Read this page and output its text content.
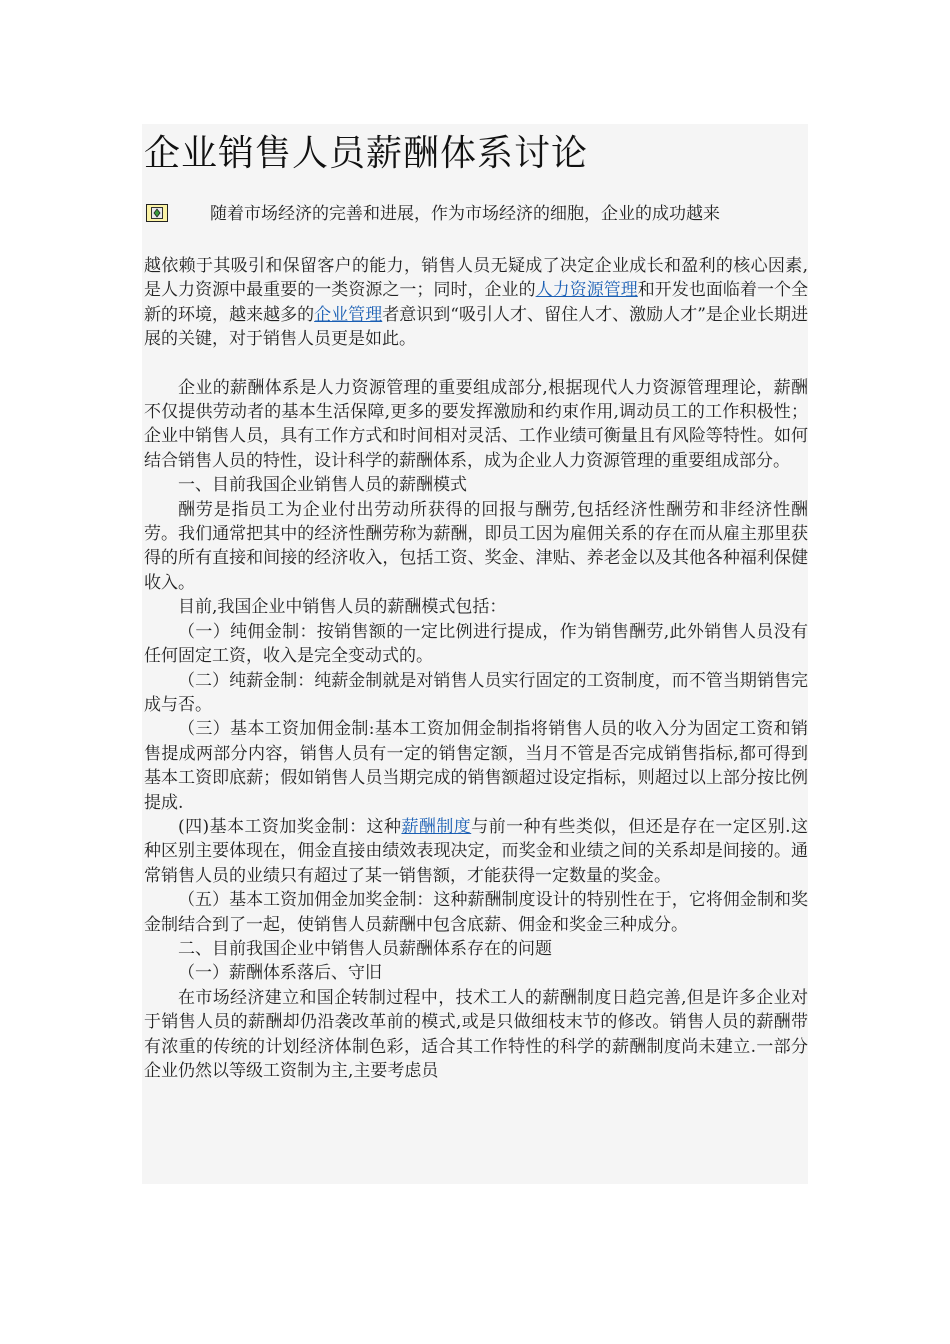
企业销售人员薪酬体系讨论
随着市场经济的完善和进展，作为市场经济的细胞，企业的成功越来

越依赖于其吸引和保留客户的能力，销售人员无疑成了决定企业成长和盈利的核心因素,是人力资源中最重要的一类资源之一；同时，企业的人力资源管理和开发也面临着一个全新的环境，越来越多的企业管理者意识到“吸引人才、留住人才、激励人才”是企业长期进展的关键，对于销售人员更是如此。

企业的薪酬体系是人力资源管理的重要组成部分,根据现代人力资源管理理论，薪酬不仅提供劳动者的基本生活保障,更多的要发挥激励和约束作用,调动员工的工作积极性；企业中销售人员，具有工作方式和时间相对灵活、工作业绩可衡量且有风险等特性。如何结合销售人员的特性，设计科学的薪酬体系，成为企业人力资源管理的重要组成部分。

一、目前我国企业销售人员的薪酬模式

酬劳是指员工为企业付出劳动所获得的回报与酬劳,包括经济性酬劳和非经济性酬劳。我们通常把其中的经济性酬劳称为薪酬，即员工因为雇佣关系的存在而从雇主那里获得的所有直接和间接的经济收入，包括工资、奖金、津贴、养老金以及其他各种福利保健收入。

目前,我国企业中销售人员的薪酬模式包括：

（一）纯佣金制：按销售额的一定比例进行提成，作为销售酬劳,此外销售人员没有任何固定工资，收入是完全变动式的。

（二）纯薪金制：纯薪金制就是对销售人员实行固定的工资制度，而不管当期销售完成与否。

（三）基本工资加佣金制:基本工资加佣金制指将销售人员的收入分为固定工资和销售提成两部分内容，销售人员有一定的销售定额，当月不管是否完成销售指标,都可得到基本工资即底薪；假如销售人员当期完成的销售额超过设定指标，则超过以上部分按比例提成.

(四)基本工资加奖金制：这种薪酬制度与前一种有些类似，但还是存在一定区别.这种区别主要体现在，佣金直接由绩效表现决定，而奖金和业绩之间的关系却是间接的。通常销售人员的业绩只有超过了某一销售额，才能获得一定数量的奖金。

（五）基本工资加佣金加奖金制：这种薪酬制度设计的特别性在于，它将佣金制和奖金制结合到了一起，使销售人员薪酬中包含底薪、佣金和奖金三种成分。

二、目前我国企业中销售人员薪酬体系存在的问题

（一）薪酬体系落后、守旧

在市场经济建立和国企转制过程中，技术工人的薪酬制度日趋完善,但是许多企业对于销售人员的薪酬却仍沿袭改革前的模式,或是只做细枝末节的修改。销售人员的薪酬带有浓重的传统的计划经济体制色彩，适合其工作特性的科学的薪酬制度尚未建立.一部分企业仍然以等级工资制为主,主要考虑员
